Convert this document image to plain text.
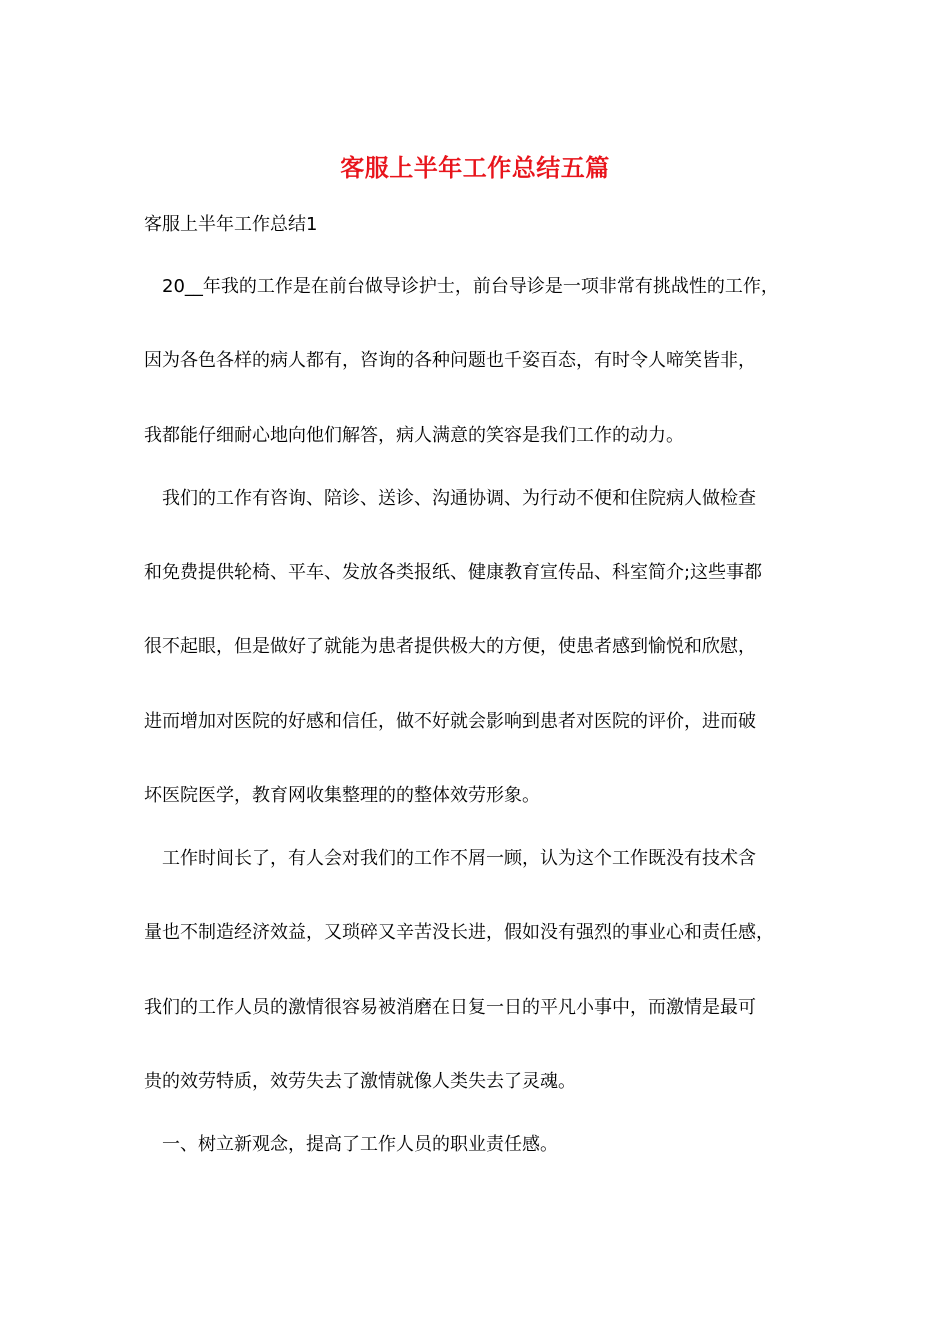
客服上半年工作总结五篇
客服上半年工作总结1
20__年我的工作是在前台做导诊护士，前台导诊是一项非常有挑战性的工作，
因为各色各样的病人都有，咨询的各种问题也千姿百态，有时令人啼笑皆非，
我都能仔细耐心地向他们解答，病人满意的笑容是我们工作的动力。
我们的工作有咨询、陪诊、送诊、沟通协调、为行动不便和住院病人做检查
和免费提供轮椅、平车、发放各类报纸、健康教育宣传品、科室简介;这些事都
很不起眼，但是做好了就能为患者提供极大的方便，使患者感到愉悦和欣慰，
进而增加对医院的好感和信任，做不好就会影响到患者对医院的评价，进而破
坏医院医学，教育网收集整理的的整体效劳形象。
工作时间长了，有人会对我们的工作不屑一顾，认为这个工作既没有技术含
量也不制造经济效益，又琐碎又辛苦没长进，假如没有强烈的事业心和责任感，
我们的工作人员的激情很容易被消磨在日复一日的平凡小事中，而激情是最可
贵的效劳特质，效劳失去了激情就像人类失去了灵魂。
一、树立新观念，提高了工作人员的职业责任感。
